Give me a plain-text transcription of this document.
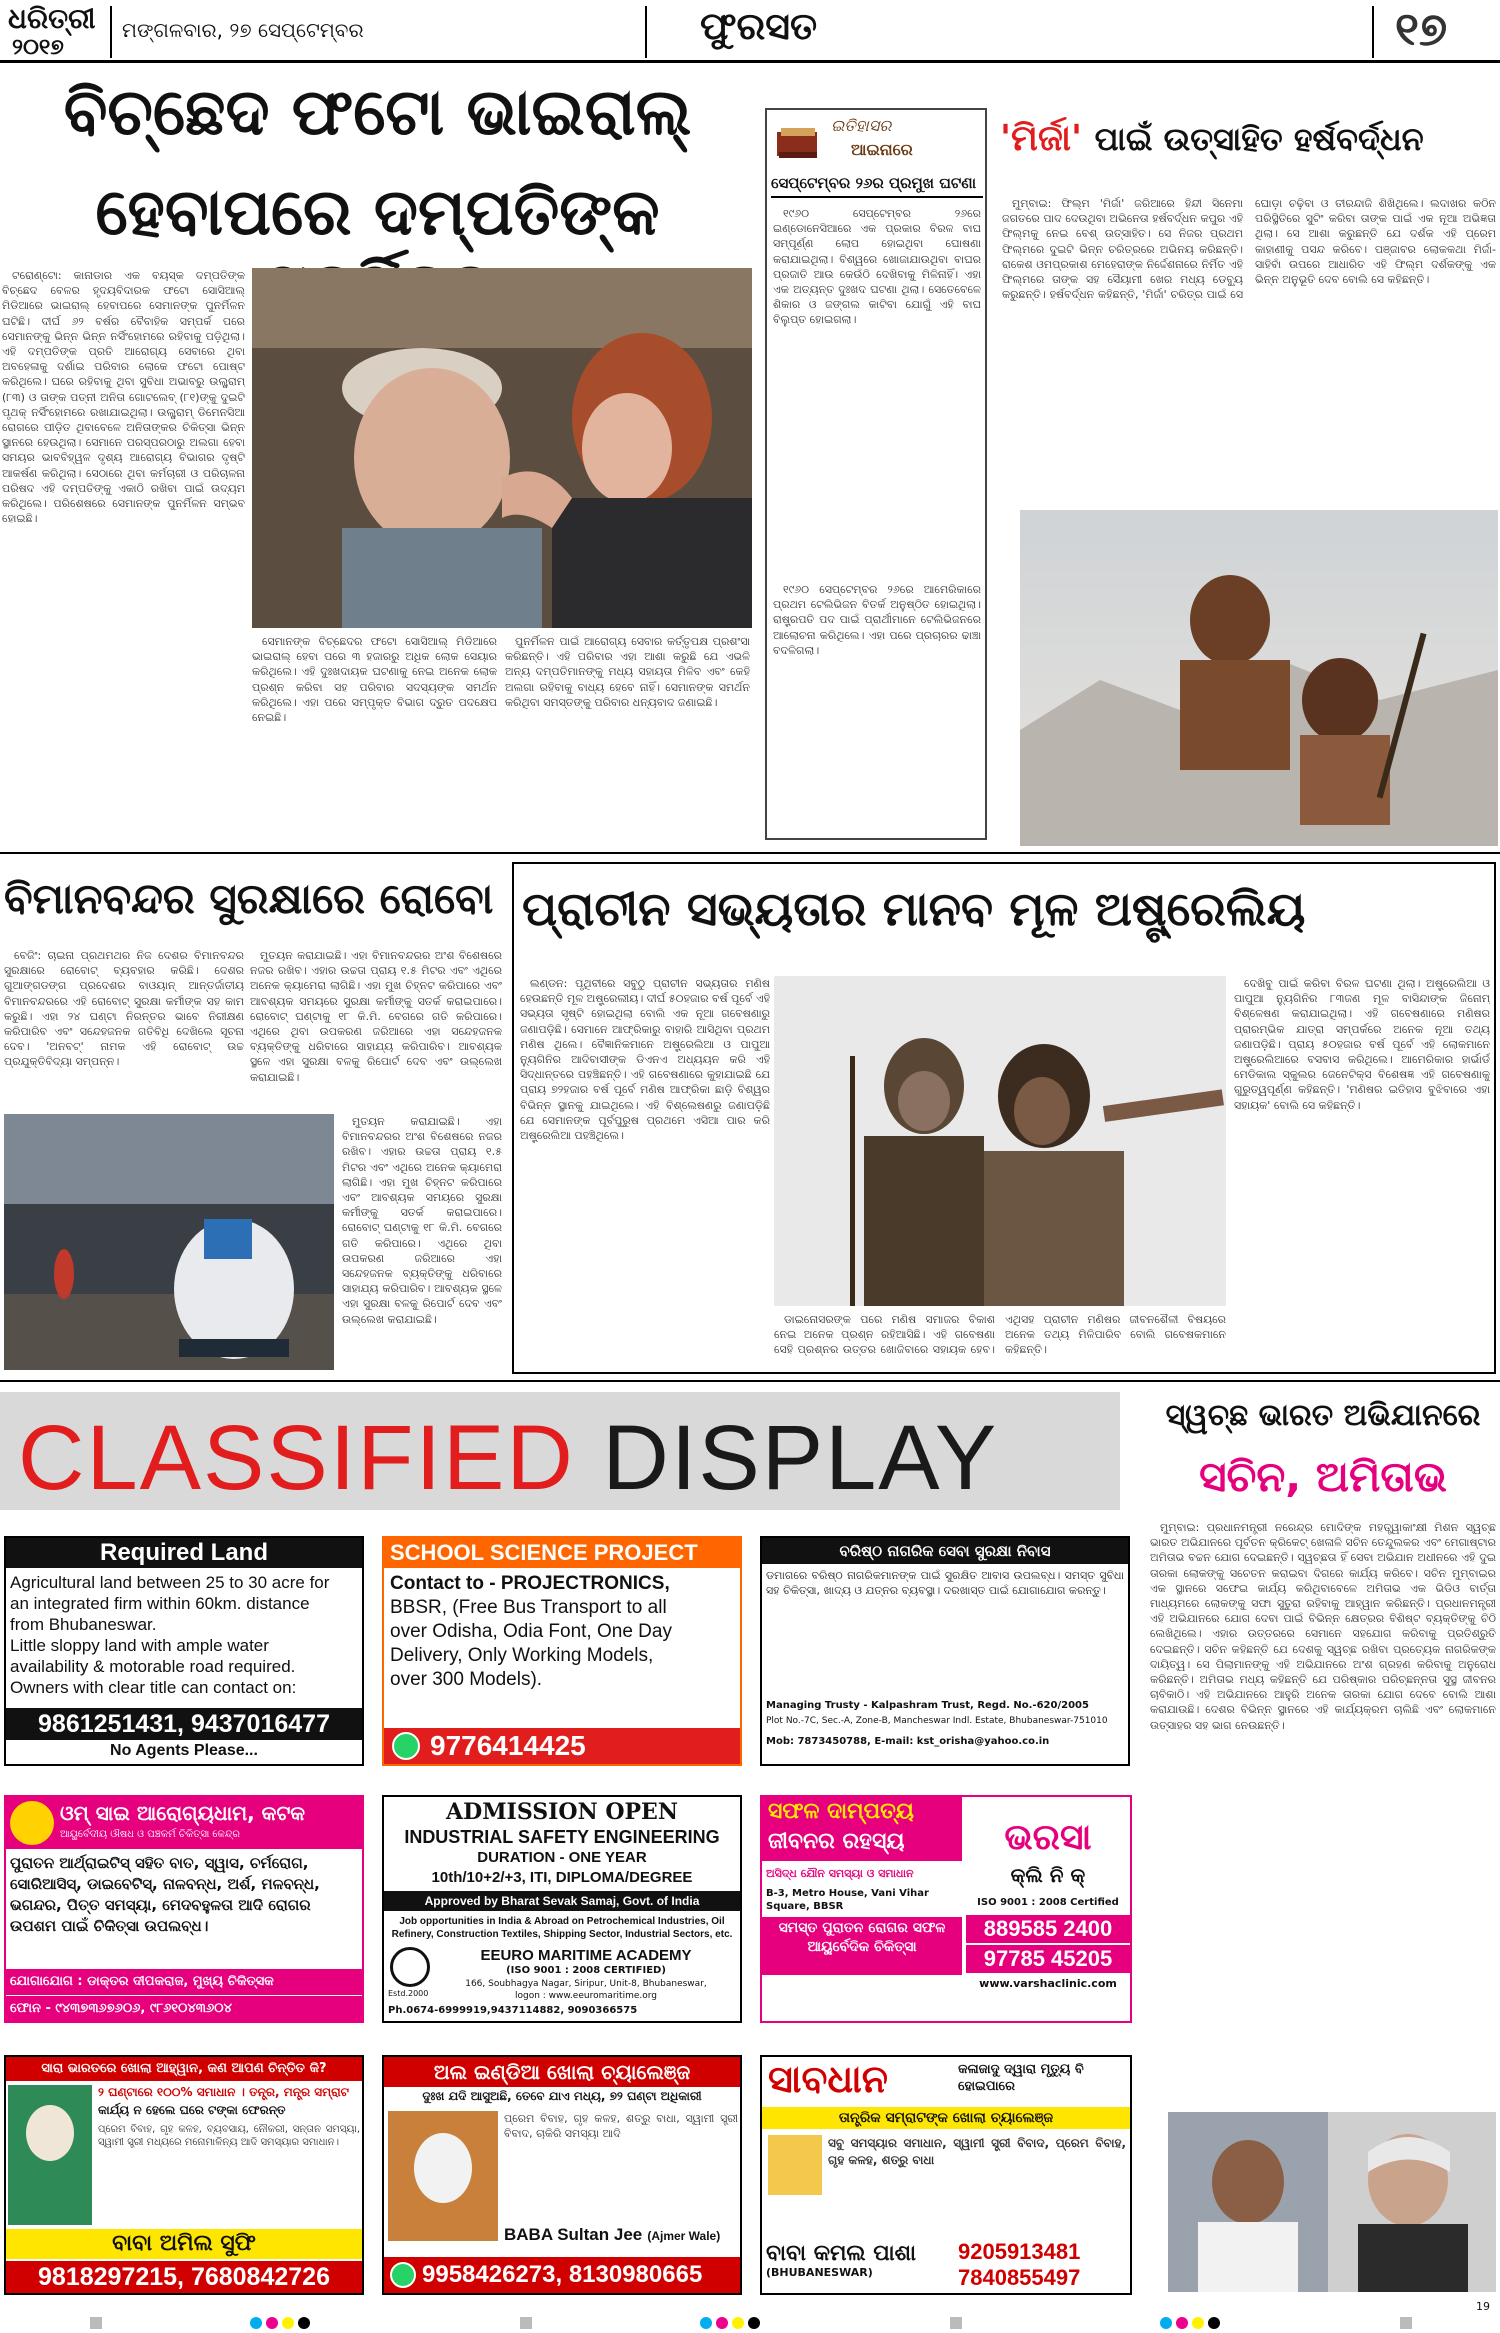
ଧରିତ୍ରୀ
୨୦୧୭
ମଙ୍ଗଳବାର, ୨୭ ସେପ୍ଟେମ୍ବର	ଫୁରସତ	୧୭
ବିଚ୍ଛେଦ ଫଟୋ ଭାଇରାଲ୍
ହେବାପରେ ଦମ୍ପତିଙ୍କ

ଟରୋଣ୍ଟୋ: କାନାଡାର ଏକ ବୟସ୍କ ଦମ୍ପତିଙ୍କ ବିଚ୍ଛେଦ ବେଳର ହୃଦୟବିଦାରକ ଫଟୋ ସୋସିଆଲ୍ ମିଡିଆରେ ଭାଇରାଲ୍ ହେବାପରେ ସେମାନଙ୍କ ପୁନର୍ମିଳନ ଘଟିଛି। ଦୀର୍ଘ ୬୨ ବର୍ଷର ବୈବାହିକ ସମ୍ପର୍କ ପରେ ସେମାନଙ୍କୁ ଭିନ୍ନ ଭିନ୍ନ ନର୍ସିଂହୋମରେ ରହିବାକୁ ପଡ଼ିଥିଲା। ଏହି ଦମ୍ପତିଙ୍କ ପ୍ରତି ଆରୋଗ୍ୟ ସେବାରେ ଥିବା ଅବହେଳାକୁ ଦର୍ଶାଇ ପରିବାର ଲୋକେ ଫଟୋ ପୋଷ୍ଟ କରିଥିଲେ। ଘରେ ରହିବାକୁ ଥିବା ସୁବିଧା ଅଭାବରୁ ଉଲ୍ଫ୍ରାମ୍ (୮୩) ଓ ତାଙ୍କ ପତ୍ନୀ ଅନିତା ଗୋଟଲେବ୍ (୮୧)ଙ୍କୁ ଦୁଇଟି ପୃଥକ୍ ନର୍ସିଂହୋମରେ ରଖାଯାଇଥିଲା। ଉଲ୍ଫ୍ରାମ୍ ଡିମେନସିଆ ରୋଗରେ ପୀଡ଼ିତ ଥିବାବେଳେ ଅନିତାଙ୍କର ଚିକିତ୍ସା ଭିନ୍ନ ସ୍ଥାନରେ ହେଉଥିଲା। ସେମାନେ ପରସ୍ପରଠାରୁ ଅଲଗା ହେବା ସମୟର ଭାବବିହ୍ୱଳ ଦୃଶ୍ୟ ଆରୋଗ୍ୟ ବିଭାଗର ଦୃଷ୍ଟି ଆକର୍ଷଣ କରିଥିଲା। ସେଠାରେ ଥିବା କର୍ମଚାରୀ ଓ ପରିଚାଳନା ପରିଷଦ ଏହି ଦମ୍ପତିଙ୍କୁ ଏକାଠି ରଖିବା ପାଇଁ ଉଦ୍ୟମ କରିଥିଲେ। ପରିଶେଷରେ ସେମାନଙ୍କ ପୁନର୍ମିଳନ ସମ୍ଭବ ହୋଇଛି।

ସେମାନଙ୍କ ବିଚ୍ଛେଦର ଫଟୋ ସୋସିଆଲ୍ ମିଡିଆରେ ଭାଇରାଲ୍ ହେବା ପରେ ୩ ହଜାରରୁ ଅଧିକ ଲୋକ ସେୟାର କରିଥିଲେ। ଏହି ଦୁଃଖଦାୟକ ଘଟଣାକୁ ନେଇ ଅନେକ ଲୋକ ପ୍ରଶ୍ନ କରିବା ସହ ପରିବାର ସଦସ୍ୟଙ୍କ ସମର୍ଥନ କରିଥିଲେ। ଏହା ପରେ ସମ୍ପୃକ୍ତ ବିଭାଗ ଦ୍ରୁତ ପଦକ୍ଷେପ ନେଇଛି।

ପୁନର୍ମିଳନ ପାଇଁ ଆରୋଗ୍ୟ ସେବାର କର୍ତ୍ତୃପକ୍ଷ ପ୍ରଶଂସା କରିଛନ୍ତି। ଏହି ପରିବାର ଏହା ଆଶା କରୁଛି ଯେ ଏଭଳି ଅନ୍ୟ ଦମ୍ପତିମାନଙ୍କୁ ମଧ୍ୟ ସହାୟତା ମିଳିବ ଏବଂ କେହି ଅଲଗା ରହିବାକୁ ବାଧ୍ୟ ହେବେ ନାହିଁ। ସେମାନଙ୍କ ସମର୍ଥନ କରିଥିବା ସମସ୍ତଙ୍କୁ ପରିବାର ଧନ୍ୟବାଦ ଜଣାଇଛି।

ଇତିହାସର
ଆଇନାରେ
ସେପ୍ଟେମ୍ବର ୨୬ର ପ୍ରମୁଖ ଘଟଣା

୧୯୬୦ ସେପ୍ଟେମ୍ବର ୨୬ରେ ଇଣ୍ଡୋନେସିଆରେ ଏକ ପ୍ରକାର ବିରଳ ବାଘ ସମ୍ପୂର୍ଣ୍ଣ ଲୋପ ହୋଇଥିବା ଘୋଷଣା କରାଯାଇଥିଲା। ବିଶ୍ୱରେ ଖୋଜାଯାଉଥିବା ବାଘର ପ୍ରଜାତି ଆଉ କେଉଁଠି ଦେଖିବାକୁ ମିଳିନାହିଁ। ଏହା ଏକ ଅତ୍ୟନ୍ତ ଦୁଃଖଦ ଘଟଣା ଥିଲା। ସେତେବେଳେ ଶିକାର ଓ ଜଙ୍ଗଲ କାଟିବା ଯୋଗୁଁ ଏହି ବାଘ ବିଲୁପ୍ତ ହୋଇଗଲା।

୧୯୬୦ ସେପ୍ଟେମ୍ବର ୨୬ରେ ଆମେରିକାରେ ପ୍ରଥମ ଟେଲିଭିଜନ ବିତର୍କ ଅନୁଷ୍ଠିତ ହୋଇଥିଲା। ରାଷ୍ଟ୍ରପତି ପଦ ପାଇଁ ପ୍ରାର୍ଥୀମାନେ ଟେଲିଭିଜନରେ ଆଲୋଚନା କରିଥିଲେ। ଏହା ପରେ ପ୍ରଚାରର ଢାଞ୍ଚା ବଦଳିଗଲା।

'ମିର୍ଜା' ପାଇଁ ଉତ୍ସାହିତ ହର୍ଷବର୍ଦ୍ଧନ

ମୁମ୍ବାଇ: ଫିଲ୍ମ 'ମିର୍ଜା' ଜରିଆରେ ହିନ୍ଦୀ ସିନେମା ଜଗତରେ ପାଦ ଦେଉଥିବା ଅଭିନେତା ହର୍ଷବର୍ଦ୍ଧନ କପୁର ଏହି ଫିଲ୍ମକୁ ନେଇ ବେଶ୍ ଉତ୍ସାହିତ। ସେ ନିଜର ପ୍ରଥମ ଫିଲ୍ମରେ ଦୁଇଟି ଭିନ୍ନ ଚରିତ୍ରରେ ଅଭିନୟ କରିଛନ୍ତି। ରାକେଶ ଓମପ୍ରକାଶ ମେହେରାଙ୍କ ନିର୍ଦ୍ଦେଶନାରେ ନିର୍ମିତ ଏହି ଫିଲ୍ମରେ ତାଙ୍କ ସହ ସୈୟାମୀ ଖେର ମଧ୍ୟ ଡେବ୍ୟୁ କରୁଛନ୍ତି। ହର୍ଷବର୍ଦ୍ଧନ କହିଛନ୍ତି, 'ମିର୍ଜା' ଚରିତ୍ର ପାଇଁ ସେ ଘୋଡ଼ା ଚଢ଼ିବା ଓ ତୀରନ୍ଦାଜି ଶିଖିଥିଲେ। ଲଦାଖର କଠିନ ପରିସ୍ଥିତିରେ ସୁଟିଂ କରିବା ତାଙ୍କ ପାଇଁ ଏକ ନୂଆ ଅଭିଜ୍ଞତା ଥିଲା। ସେ ଆଶା କରୁଛନ୍ତି ଯେ ଦର୍ଶକ ଏହି ପ୍ରେମ କାହାଣୀକୁ ପସନ୍ଦ କରିବେ। ପଞ୍ଜାବର ଲୋକକଥା ମିର୍ଜା-ସାହିବାଁ ଉପରେ ଆଧାରିତ ଏହି ଫିଲ୍ମ ଦର୍ଶକଙ୍କୁ ଏକ ଭିନ୍ନ ଅନୁଭୂତି ଦେବ ବୋଲି ସେ କହିଛନ୍ତି।

ବିମାନବନ୍ଦର ସୁରକ୍ଷାରେ ରୋବୋ

ବେଜିଂ: ଚାଇନା ପ୍ରଥମଥର ନିଜ ଦେଶର ବିମାନବନ୍ଦର ସୁରକ୍ଷାରେ ରୋବୋଟ୍ ବ୍ୟବହାର କରିଛି। ଦେଶର ଗୁଆଙ୍ଗଡଙ୍ଗ ପ୍ରଦେଶର ବାଓୟାନ୍ ଆନ୍ତର୍ଜାତୀୟ ବିମାନବନ୍ଦରରେ ଏହି ରୋବୋଟ୍ ସୁରକ୍ଷା କର୍ମୀଙ୍କ ସହ କାମ କରୁଛି। ଏହା ୨୪ ଘଣ୍ଟା ନିରନ୍ତର ଭାବେ ନିରୀକ୍ଷଣ କରିପାରିବ ଏବଂ ସନ୍ଦେହଜନକ ଗତିବିଧି ଦେଖିଲେ ସୂଚନା ଦେବ। 'ଅନବଟ୍' ନାମକ ଏହି ରୋବୋଟ୍ ଉଚ୍ଚ ପ୍ରଯୁକ୍ତିବିଦ୍ୟା ସମ୍ପନ୍ନ।

ମୁତୟନ କରାଯାଇଛି। ଏହା ବିମାନବନ୍ଦରର ଅଂଶ ବିଶେଷରେ ନଜର ରଖିବ। ଏହାର ଉଚ୍ଚତା ପ୍ରାୟ ୧.୫ ମିଟର ଏବଂ ଏଥିରେ ଅନେକ କ୍ୟାମେରା ଲାଗିଛି। ଏହା ମୁଖ ଚିହ୍ନଟ କରିପାରେ ଏବଂ ଆବଶ୍ୟକ ସମୟରେ ସୁରକ୍ଷା କର୍ମୀଙ୍କୁ ସତର୍କ କରାଇପାରେ। ରୋବୋଟ୍ ଘଣ୍ଟାକୁ ୧୮ କି.ମି. ବେଗରେ ଗତି କରିପାରେ। ଏଥିରେ ଥିବା ଉପକରଣ ଜରିଆରେ ଏହା ସନ୍ଦେହଜନକ ବ୍ୟକ୍ତିଙ୍କୁ ଧରିବାରେ ସାହାଯ୍ୟ କରିପାରିବ। ଆବଶ୍ୟକ ସ୍ଥଳେ ଏହା ସୁରକ୍ଷା ବଳକୁ ରିପୋର୍ଟ ଦେବ ଏବଂ ଉଲ୍ଲେଖ କରାଯାଇଛି।

ମୁତୟନ କରାଯାଇଛି। ଏହା ବିମାନବନ୍ଦରର ଅଂଶ ବିଶେଷରେ ନଜର ରଖିବ। ଏହାର ଉଚ୍ଚତା ପ୍ରାୟ ୧.୫ ମିଟର ଏବଂ ଏଥିରେ ଅନେକ କ୍ୟାମେରା ଲାଗିଛି। ଏହା ମୁଖ ଚିହ୍ନଟ କରିପାରେ ଏବଂ ଆବଶ୍ୟକ ସମୟରେ ସୁରକ୍ଷା କର୍ମୀଙ୍କୁ ସତର୍କ କରାଇପାରେ। ରୋବୋଟ୍ ଘଣ୍ଟାକୁ ୧୮ କି.ମି. ବେଗରେ ଗତି କରିପାରେ। ଏଥିରେ ଥିବା ଉପକରଣ ଜରିଆରେ ଏହା ସନ୍ଦେହଜନକ ବ୍ୟକ୍ତିଙ୍କୁ ଧରିବାରେ ସାହାଯ୍ୟ କରିପାରିବ। ଆବଶ୍ୟକ ସ୍ଥଳେ ଏହା ସୁରକ୍ଷା ବଳକୁ ରିପୋର୍ଟ ଦେବ ଏବଂ ଉଲ୍ଲେଖ କରାଯାଇଛି।

ପ୍ରାଚୀନ ସଭ୍ୟତାର ମାନବ ମୂଳ ଅଷ୍ଟ୍ରେଲିୟ

ଲଣ୍ଡନ: ପୃଥିବୀରେ ସବୁଠୁ ପ୍ରାଚୀନ ସଭ୍ୟତାର ମଣିଷ ହେଉଛନ୍ତି ମୂଳ ଅଷ୍ଟ୍ରେଲୀୟ। ଦୀର୍ଘ ୫୦ହଜାର ବର୍ଷ ପୂର୍ବେ ଏହି ସଭ୍ୟତା ସୃଷ୍ଟି ହୋଇଥିଲା ବୋଲି ଏକ ନୂଆ ଗବେଷଣାରୁ ଜଣାପଡ଼ିଛି। ସେମାନେ ଆଫ୍ରିକାରୁ ବାହାରି ଆସିଥିବା ପ୍ରଥମ ମଣିଷ ଥିଲେ। ବୈଜ୍ଞାନିକମାନେ ଅଷ୍ଟ୍ରେଲିଆ ଓ ପାପୁଆ ନ୍ୟୁଗିନିର ଆଦିବାସୀଙ୍କ ଡିଏନଏ ଅଧ୍ୟୟନ କରି ଏହି ସିଦ୍ଧାନ୍ତରେ ପହଞ୍ଚିଛନ୍ତି। ଏହି ଗବେଷଣାରେ କୁହାଯାଇଛି ଯେ ପ୍ରାୟ ୭୨ହଜାର ବର୍ଷ ପୂର୍ବେ ମଣିଷ ଆଫ୍ରିକା ଛାଡ଼ି ବିଶ୍ୱର ବିଭିନ୍ନ ସ୍ଥାନକୁ ଯାଇଥିଲେ। ଏହି ବିଶ୍ଲେଷଣରୁ ଜଣାପଡ଼ିଛି ଯେ ସେମାନଙ୍କ ପୂର୍ବପୁରୁଷ ପ୍ରଥମେ ଏସିଆ ପାର କରି ଅଷ୍ଟ୍ରେଲିଆ ପହଞ୍ଚିଥିଲେ।

ଦେଖିବୁ ପାଇଁ କରିବା ବିରଳ ଘଟଣା ଥିଲା। ଅଷ୍ଟ୍ରେଲିଆ ଓ ପାପୁଆ ନ୍ୟୁଗିନିର ୮୩ଜଣ ମୂଳ ବାସିନ୍ଦାଙ୍କ ଜିନୋମ୍ ବିଶ୍ଳେଷଣ କରାଯାଇଥିଲା। ଏହି ଗବେଷଣାରେ ମଣିଷର ପ୍ରାରମ୍ଭିକ ଯାତ୍ରା ସମ୍ପର୍କରେ ଅନେକ ନୂଆ ତଥ୍ୟ ଜଣାପଡ଼ିଛି। ପ୍ରାୟ ୫୦ହଜାର ବର୍ଷ ପୂର୍ବେ ଏହି ଲୋକମାନେ ଅଷ୍ଟ୍ରେଲିଆରେ ବସବାସ କରିଥିଲେ। ଆମେରିକାର ହାର୍ଭାର୍ଡ ମେଡିକାଲ ସ୍କୁଲର ଜେନେଟିକ୍ସ ବିଶେଷଜ୍ଞ ଏହି ଗବେଷଣାକୁ ଗୁରୁତ୍ୱପୂର୍ଣ୍ଣ କହିଛନ୍ତି। 'ମଣିଷର ଇତିହାସ ବୁଝିବାରେ ଏହା ସହାୟକ' ବୋଲି ସେ କହିଛନ୍ତି।

ଡାଇନୋସରଙ୍କ ପରେ ମଣିଷ ସମାଜର ବିକାଶ ନେଇ ଅନେକ ପ୍ରଶ୍ନ ରହିଆସିଛି। ଏହି ଗବେଷଣା ସେହି ପ୍ରଶ୍ନର ଉତ୍ତର ଖୋଜିବାରେ ସହାୟକ ହେବ। ଏଥିସହ ପ୍ରାଚୀନ ମଣିଷର ଜୀବନଶୈଳୀ ବିଷୟରେ ଅନେକ ତଥ୍ୟ ମିଳିପାରିବ ବୋଲି ଗବେଷକମାନେ କହିଛନ୍ତି।

CLASSIFIED DISPLAY	ସ୍ୱଚ୍ଛ ଭାରତ ଅଭିଯାନରେ
ସଚିନ, ଅମିତାଭ

ମୁମ୍ବାଇ: ପ୍ରଧାନମନ୍ତ୍ରୀ ନରେନ୍ଦ୍ର ମୋଦିଙ୍କ ମହତ୍ତ୍ୱାକାଂକ୍ଷୀ ମିଶନ ସ୍ୱଚ୍ଛ ଭାରତ ଅଭିଯାନରେ ପୂର୍ବତନ କ୍ରିକେଟ୍ ଖେଳାଳି ସଚିନ ତେନ୍ଦୁଲକର ଏବଂ ମେଗାଷ୍ଟାର ଅମିତାଭ ବଚ୍ଚନ ଯୋଗ ଦେଇଛନ୍ତି। ସ୍ୱଚ୍ଛତା ହିଁ ସେବା ଅଭିଯାନ ଅଧୀନରେ ଏହି ଦୁଇ ତାରକା ଲୋକଙ୍କୁ ସଚେତନ କରାଇବା ଦିଗରେ କାର୍ଯ୍ୟ କରିବେ। ସଚିନ ମୁମ୍ବାଇର ଏକ ସ୍ଥାନରେ ସଫେଇ କାର୍ଯ୍ୟ କରିଥିବାବେଳେ ଅମିତାଭ ଏକ ଭିଡିଓ ବାର୍ତ୍ତା ମାଧ୍ୟମରେ ଲୋକଙ୍କୁ ସଫା ସୁତୁରା ରହିବାକୁ ଆହ୍ୱାନ କରିଛନ୍ତି। ପ୍ରଧାନମନ୍ତ୍ରୀ ଏହି ଅଭିଯାନରେ ଯୋଗ ଦେବା ପାଇଁ ବିଭିନ୍ନ କ୍ଷେତ୍ରର ବିଶିଷ୍ଟ ବ୍ୟକ୍ତିଙ୍କୁ ଚିଠି ଲେଖିଥିଲେ। ଏହାର ଉତ୍ତରରେ ସେମାନେ ସହଯୋଗ କରିବାକୁ ପ୍ରତିଶ୍ରୁତି ଦେଇଛନ୍ତି। ସଚିନ କହିଛନ୍ତି ଯେ ଦେଶକୁ ସ୍ୱଚ୍ଛ ରଖିବା ପ୍ରତ୍ୟେକ ନାଗରିକଙ୍କ ଦାୟିତ୍ୱ। ସେ ପିଲାମାନଙ୍କୁ ଏହି ଅଭିଯାନରେ ଅଂଶ ଗ୍ରହଣ କରିବାକୁ ଅନୁରୋଧ କରିଛନ୍ତି। ଅମିତାଭ ମଧ୍ୟ କହିଛନ୍ତି ଯେ ପରିଷ୍କାର ପରିଚ୍ଛନ୍ନତା ସୁସ୍ଥ ଜୀବନର ଚାବିକାଠି। ଏହି ଅଭିଯାନରେ ଆହୁରି ଅନେକ ତାରକା ଯୋଗ ଦେବେ ବୋଲି ଆଶା କରାଯାଉଛି। ଦେଶର ବିଭିନ୍ନ ସ୍ଥାନରେ ଏହି କାର୍ଯ୍ୟକ୍ରମ ଚାଲିଛି ଏବଂ ଲୋକମାନେ ଉତ୍ସାହର ସହ ଭାଗ ନେଉଛନ୍ତି।

Required Land
Agricultural land between 25 to 30 acre for
an integrated firm within 60km. distance
from Bhubaneswar.
Little sloppy land with ample water
availability & motorable road required.
Owners with clear title can contact on:
9861251431, 9437016477
No Agents Please...
SCHOOL SCIENCE PROJECT
Contact to - PROJECTRONICS,
BBSR, (Free Bus Transport to all
over Odisha, Odia Font, One Day
Delivery, Only Working Models,
over 300 Models).
9776414425
ବରିଷ୍ଠ ନାଗରିକ ସେବା ସୁରକ୍ଷା ନିବାସ
ଡମାଗରେ ବରିଷ୍ଠ ନାଗରିକମାନଙ୍କ ପାଇଁ ସୁରକ୍ଷିତ ଆବାସ ଉପଲବ୍ଧ। ସମସ୍ତ ସୁବିଧା ସହ ଚିକିତ୍ସା, ଖାଦ୍ୟ ଓ ଯତ୍ନର ବ୍ୟବସ୍ଥା। ଦରଖାସ୍ତ ପାଇଁ ଯୋଗାଯୋଗ କରନ୍ତୁ।
Managing Trusty - Kalpashram Trust, Regd. No.-620/2005
Plot No.-7C, Sec.-A, Zone-B, Mancheswar Indl. Estate, Bhubaneswar-751010
Mob: 7873450788, E-mail: kst_orisha@yahoo.co.in
ଓମ୍ ସାଇ ଆରୋଗ୍ୟଧାମ, କଟକ
ଆୟୁର୍ବେଦୀୟ ଔଷଧ ଓ ପଞ୍ଚକର୍ମ ଚିକିତ୍ସା କେନ୍ଦ୍ର
ପୁରାତନ ଆର୍ଥ୍ରାଇଟିସ୍ ସହିତ ବାତ, ସ୍ୱାସ, ଚର୍ମରୋଗ, ସୋରିଆସିସ୍, ଡାଇବେଟିସ୍, ନାଳବନ୍ଧ, ଅର୍ଶ, ମଳବନ୍ଧ, ଭଗନ୍ଦର, ପିତ୍ତ ସମସ୍ୟା, ମେଦବହୁଳତା ଆଦି ରୋଗର ଉପଶମ ପାଇଁ ଚିକିତ୍ସା ଉପଲବ୍ଧ।
ଯୋଗାଯୋଗ : ଡାକ୍ତର ଦୀପକରାଜ, ମୁଖ୍ୟ ଚିକିତ୍ସକ
ଫୋନ - ୯୪୩୭୩୬୭୬୦୬, ୯୮୬୧୦୪୩୬୦୪
ADMISSION OPEN
INDUSTRIAL SAFETY ENGINEERING
DURATION - ONE YEAR
10th/10+2/+3, ITI, DIPLOMA/DEGREE
Approved by Bharat Sevak Samaj, Govt. of India
Job opportunities in India & Abroad on Petrochemical Industries, Oil Refinery, Construction Textiles, Shipping Sector, Industrial Sectors, etc.
Estd.2000
EEURO MARITIME ACADEMY
(ISO 9001 : 2008 CERTIFIED)
166, Soubhagya Nagar, Siripur, Unit-8, Bhubaneswar,
logon : www.eeuromaritime.org
Ph.0674-6999919,9437114882, 9090366575
ସଫଳ ଦାମ୍ପତ୍ୟ
ଜୀବନର ରହସ୍ୟ	ଭରସା
କ୍ଲି ନି କ୍
ଅସିଦ୍ଧ ଯୌନ ସମସ୍ୟା ଓ ସମାଧାନ
B-3, Metro House, Vani Vihar Square, BBSR
ସମସ୍ତ ପୁରାତନ ରୋଗର ସଫଳ ଆୟୁର୍ବେଦିକ ଚିକିତ୍ସା
ISO 9001 : 2008 Certified
889585 2400
97785 45205
www.varshaclinic.com
ସାରା ଭାରତରେ ଖୋଲା ଆହ୍ୱାନ, କଣ ଆପଣ ଚିନ୍ତିତ କି?
୨ ଘଣ୍ଟାରେ ୧୦୦% ସମାଧାନ । ତନ୍ତ୍ର, ମନ୍ତ୍ର ସମ୍ରାଟ
କାର୍ଯ୍ୟ ନ ହେଲେ ଘରେ ଟଙ୍କା ଫେରନ୍ତ
ପ୍ରେମ ବିବାହ, ଗୃହ କଳହ, ବ୍ୟବସାୟ, ନୌକରୀ, ସନ୍ତାନ ସମସ୍ୟା, ସ୍ୱାମୀ ସ୍ତ୍ରୀ ମଧ୍ୟରେ ମନୋମାଳିନ୍ୟ ଆଦି ସମସ୍ୟାର ସମାଧାନ।
ବାବା ଅମିଲ ସୁଫି
9818297215, 7680842726
ଅଲ ଇଣ୍ଡିଆ ଖୋଲା ଚ୍ୟାଲେଞ୍ଜ
ଦୁଃଖ ଯଦି ଆସୁଅଛି, ତେବେ ଯାଏ ମଧ୍ୟ, ୭୨ ଘଣ୍ଟା ଅଧିକାରୀ
ପ୍ରେମ ବିବାହ, ଗୃହ କଳହ, ଶତ୍ରୁ ବାଧା, ସ୍ୱାମୀ ସ୍ତ୍ରୀ ବିବାଦ, ଚାକିରି ସମସ୍ୟା ଆଦି
BABA Sultan Jee (Ajmer Wale)
9958426273, 8130980665
ସାବଧାନ	କଳାଜାଦୁ ଦ୍ୱାରା ମୃତ୍ୟୁ ବି ହୋଇପାରେ
ତାନ୍ତ୍ରିକ ସମ୍ରାଟଙ୍କ ଖୋଲା ଚ୍ୟାଲେଞ୍ଜ
ସବୁ ସମସ୍ୟାର ସମାଧାନ, ସ୍ୱାମୀ ସ୍ତ୍ରୀ ବିବାଦ, ପ୍ରେମ ବିବାହ, ଗୃହ କଳହ, ଶତ୍ରୁ ବାଧା
ବାବା କମଲ ପାଶା
(BHUBANESWAR)
9205913481
7840855497
19
